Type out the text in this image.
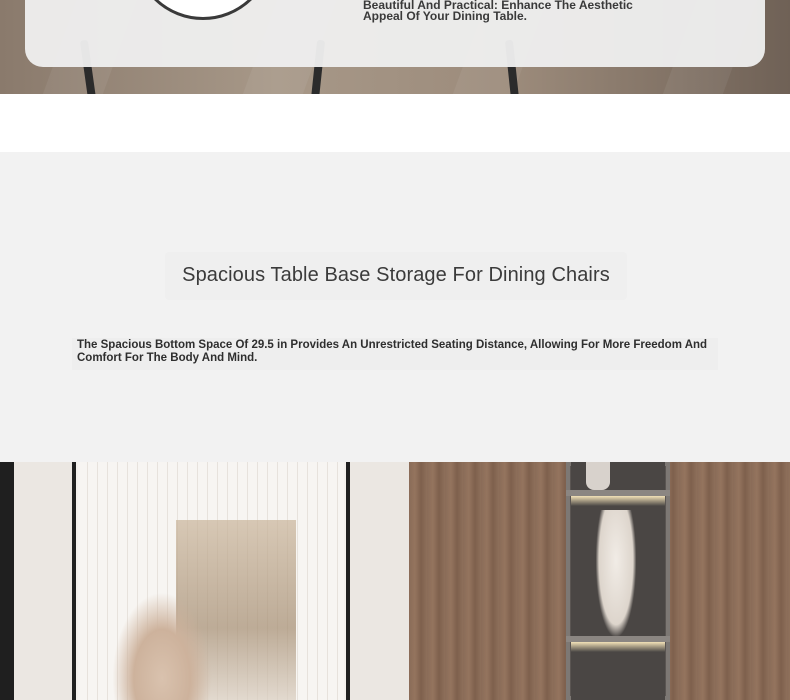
Beautiful And Practical: Enhance The Aesthetic Appeal Of Your Dining Table.
Spacious Table Base Storage For Dining Chairs
The Spacious Bottom Space Of 29.5 in Provides An Unrestricted Seating Distance, Allowing For More Freedom And Comfort For The Body And Mind.
